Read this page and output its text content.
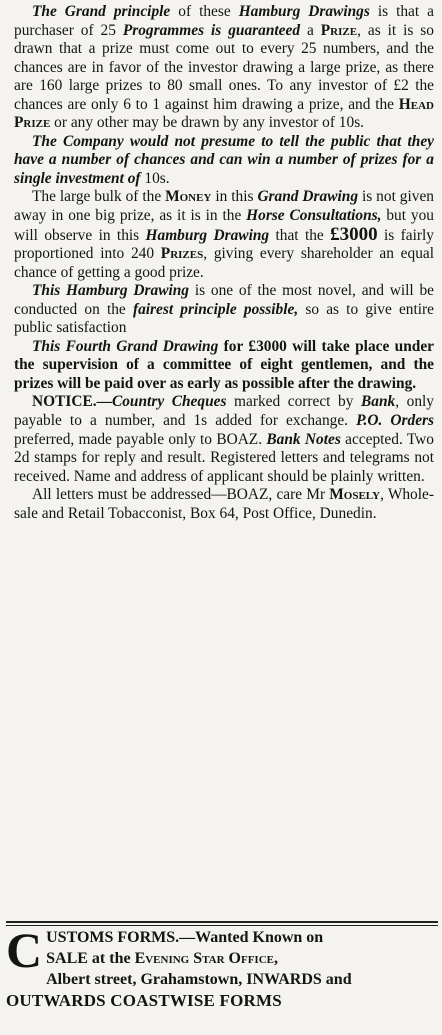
The Grand principle of these Hamburg Drawings is that a purchaser of 25 Programmes is guaranteed a Prize, as it is so drawn that a prize must come out to every 25 numbers, and the chances are in favor of the investor drawing a large prize, as there are 160 large prizes to 80 small ones. To any investor of £2 the chances are only 6 to 1 against him drawing a prize, and the Head Prize or any other may be drawn by any investor of 10s.

The Company would not presume to tell the public that they have a number of chances and can win a number of prizes for a single investment of 10s.

The large bulk of the Money in this Grand Drawing is not given away in one big prize, as it is in the Horse Consultations, but you will observe in this Hamburg Drawing that the £3000 is fairly proportioned into 240 Prizes, giving every shareholder an equal chance of getting a good prize.

This Hamburg Drawing is one of the most novel, and will be conducted on the fairest principle possible, so as to give entire public satisfaction

This Fourth Grand Drawing for £3000 will take place under the supervision of a committee of eight gentlemen, and the prizes will be paid over as early as possible after the drawing.

NOTICE.—Country Cheques marked correct by Bank, only payable to a number, and 1s added for exchange. P.O. Orders preferred, made payable only to BOAZ. Bank Notes accepted. Two 2d stamps for reply and result. Registered letters and telegrams not received. Name and address of applicant should be plainly written.

All letters must be addressed—BOAZ, care Mr Mosely, Whole-sale and Retail Tobacconist, Box 64, Post Office, Dunedin.

C USTOMS FORMS.—Wanted Known on
SALE at the Evening Star Office,
Albert street, Grahamstown, INWARDS and
OUTWARDS COASTWISE FORMS
